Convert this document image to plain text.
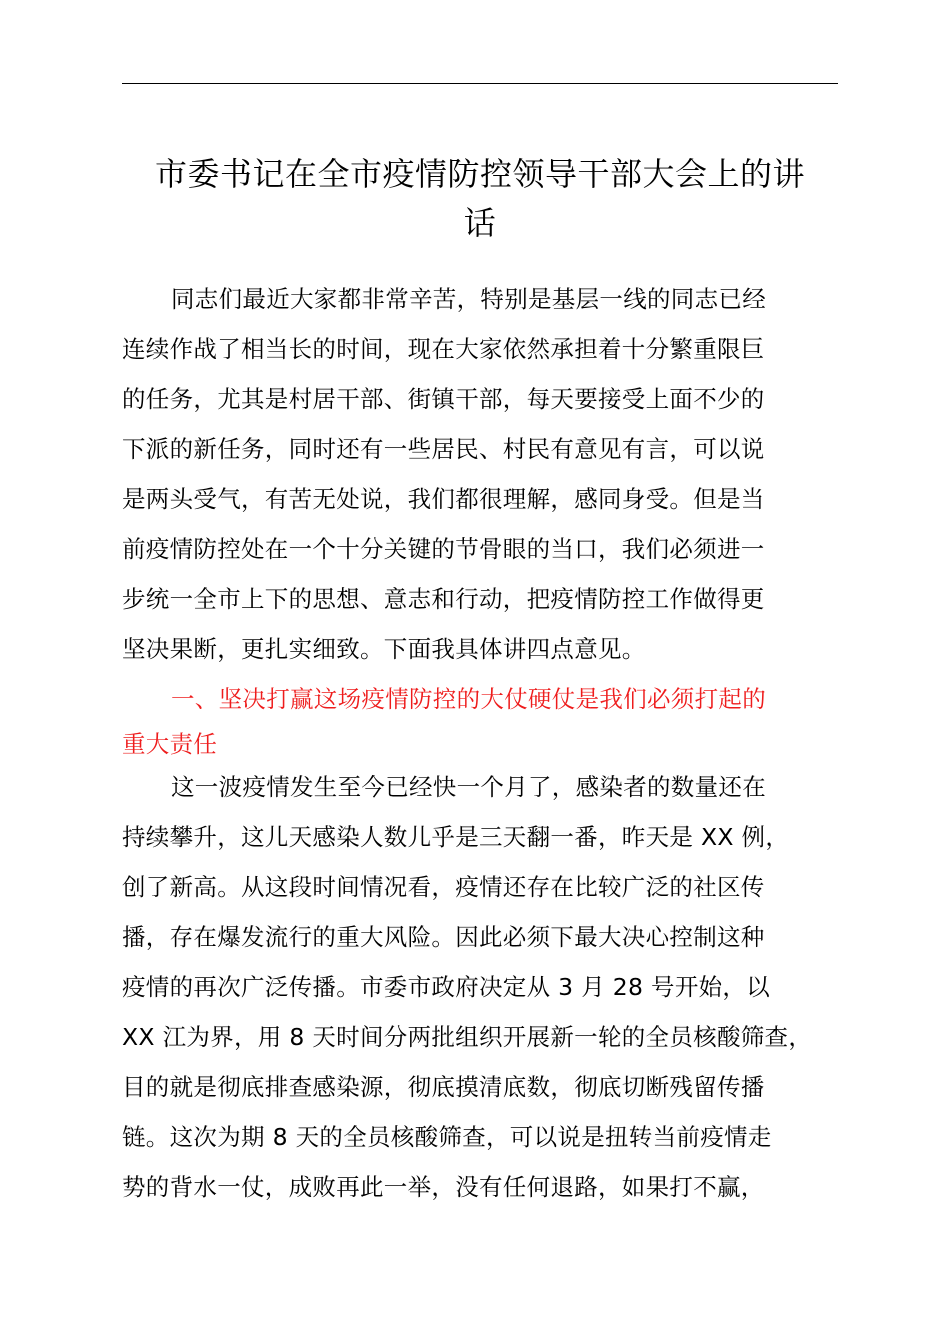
市委书记在全市疫情防控领导干部大会上的讲
话
同志们最近大家都非常辛苦，特别是基层一线的同志已经
连续作战了相当长的时间，现在大家依然承担着十分繁重限巨
的任务，尤其是村居干部、街镇干部，每天要接受上面不少的
下派的新任务，同时还有一些居民、村民有意见有言，可以说
是两头受气，有苦无处说，我们都很理解，感同身受。但是当
前疫情防控处在一个十分关键的节骨眼的当口，我们必须进一
步统一全市上下的思想、意志和行动，把疫情防控工作做得更
坚决果断，更扎实细致。下面我具体讲四点意见。
一、坚决打赢这场疫情防控的大仗硬仗是我们必须打起的
重大责任
这一波疫情发生至今已经快一个月了，感染者的数量还在
持续攀升，这儿天感染人数儿乎是三天翻一番，昨天是 XX 例，
创了新高。从这段时间情况看，疫情还存在比较广泛的社区传
播，存在爆发流行的重大风险。因此必须下最大决心控制这种
疫情的再次广泛传播。市委市政府决定从 3 月 28 号开始，以
XX 江为界，用 8 天时间分两批组织开展新一轮的全员核酸筛查，
目的就是彻底排查感染源，彻底摸清底数，彻底切断残留传播
链。这次为期 8 天的全员核酸筛查，可以说是扭转当前疫情走
势的背水一仗，成败再此一举，没有任何退路，如果打不赢，
